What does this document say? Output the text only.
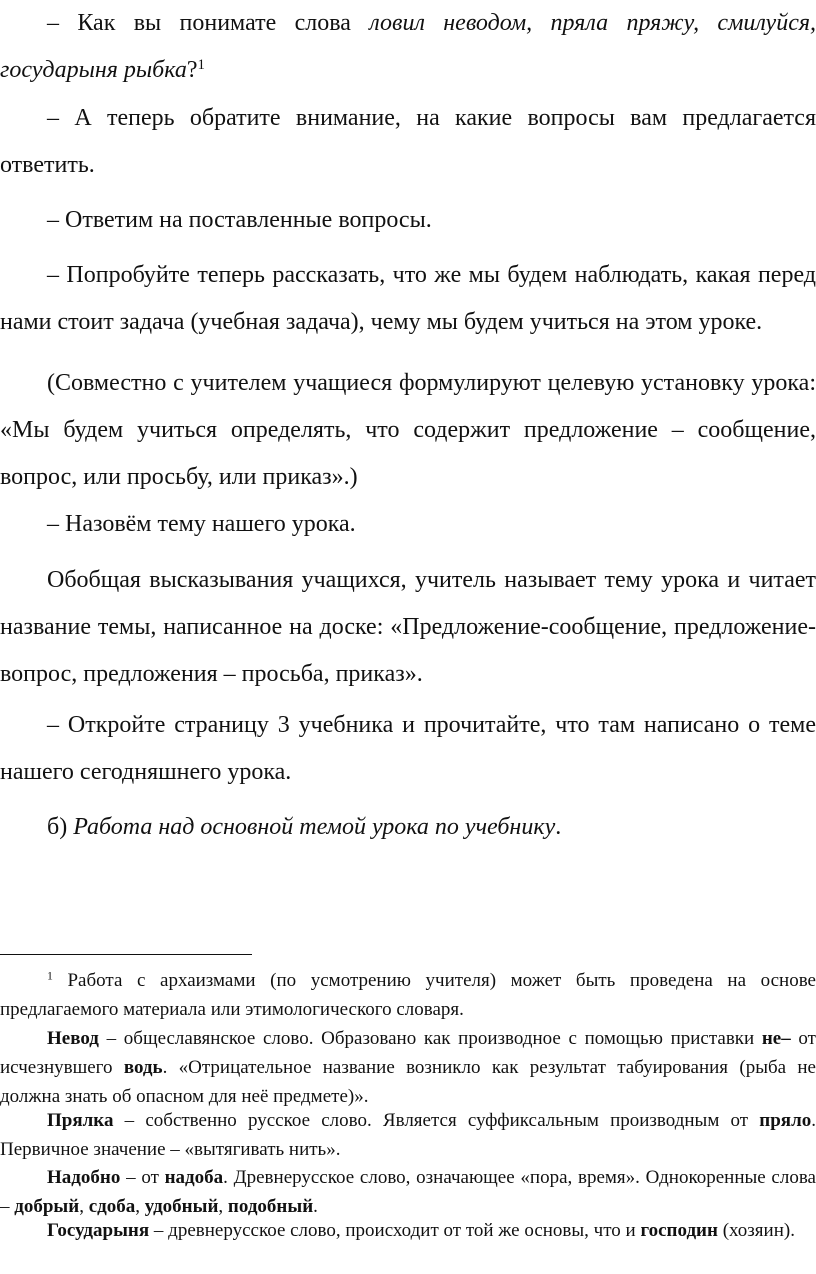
– Как вы понимате слова ловил неводом, пряла пряжу, смилуйся, государыня рыбка?$^1$

– А теперь обратите внимание, на какие вопросы вам предлагается ответить.

– Ответим на поставленные вопросы.

– Попробуйте теперь рассказать, что же мы будем наблюдать, какая перед нами стоит задача (учебная задача), чему мы будем учиться на этом уроке.

(Совместно с учителем учащиеся формулируют целевую установку урока: «Мы будем учиться определять, что содержит предложение – сообщение, вопрос, или просьбу, или приказ».)

– Назовём тему нашего урока.

Обобщая высказывания учащихся, учитель называет тему урока и читает название темы, написанное на доске: «Предложение-сообщение, предложение-вопрос, предложения – просьба, приказ».

– Откройте страницу 3 учебника и прочитайте, что там написано о теме нашего сегодняшнего урока.

б) Работа над основной темой урока по учебнику.

$^1$ Работа с архаизмами (по усмотрению учителя) может быть проведена на основе предлагаемого материала или этимологического словаря.

Невод – общеславянское слово. Образовано как производное с помощью приставки не– от исчезнувшего водь. «Отрицательное название возникло как результат табуирования (рыба не должна знать об опасном для неё предмете)».

Прялка – собственно русское слово. Является суффиксальным производным от пряло. Первичное значение – «вытягивать нить».

Надобно – от надоба. Древнерусское слово, означающее «пора, время». Однокоренные слова – добрый, сдоба, удобный, подобный.

Государыня – древнерусское слово, происходит от той же основы, что и господин (хозяин).
